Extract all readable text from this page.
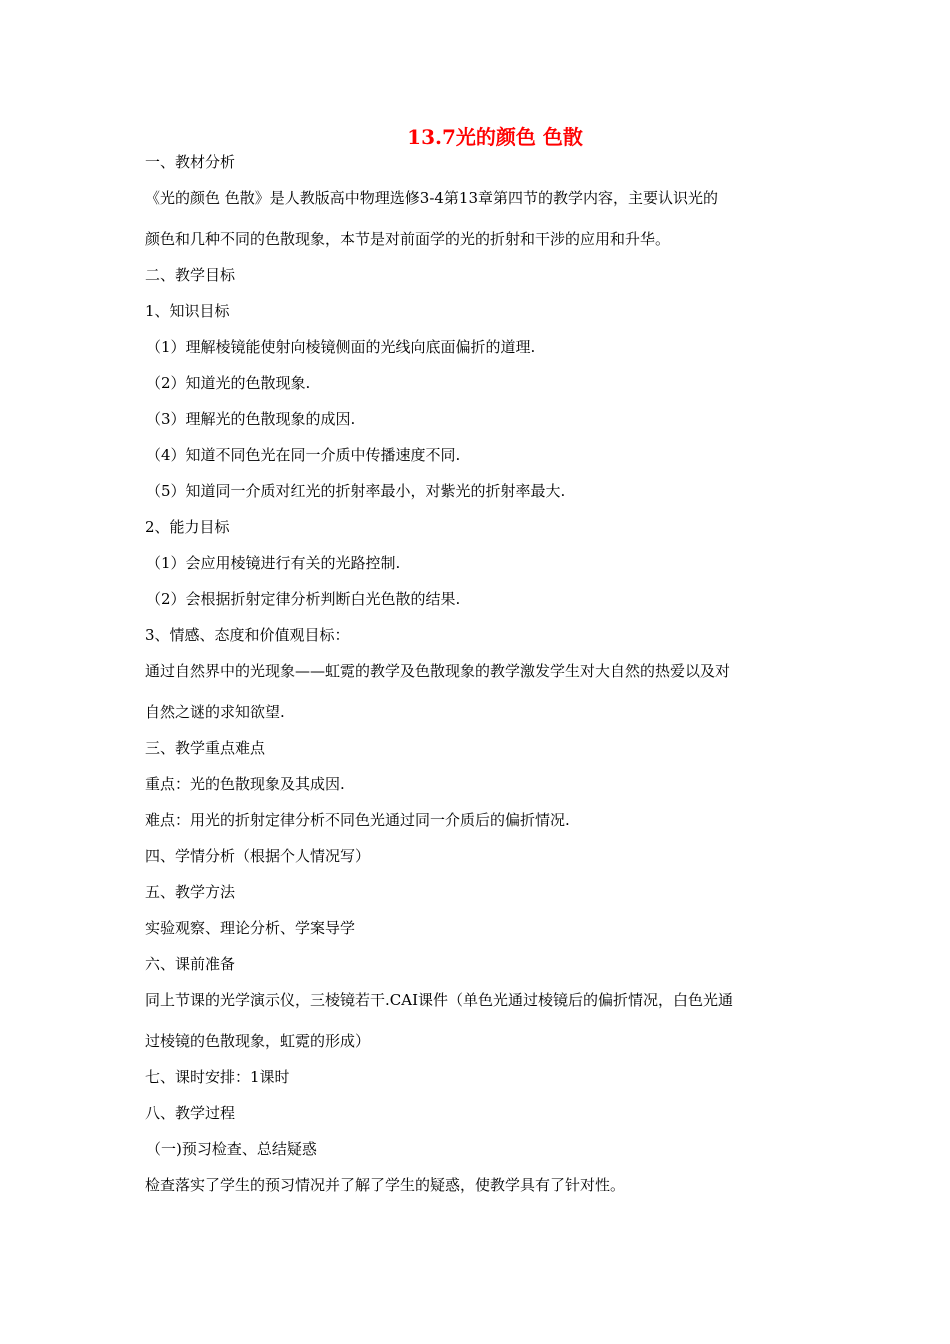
13.7光的颜色 色散
一、教材分析
《光的颜色 色散》是人教版高中物理选修3-4第13章第四节的教学内容，主要认识光的
颜色和几种不同的色散现象，本节是对前面学的光的折射和干涉的应用和升华。
二、教学目标
1、知识目标
（1）理解棱镜能使射向棱镜侧面的光线向底面偏折的道理.
（2）知道光的色散现象.
（3）理解光的色散现象的成因.
（4）知道不同色光在同一介质中传播速度不同.
（5）知道同一介质对红光的折射率最小，对紫光的折射率最大.
2、能力目标
（1）会应用棱镜进行有关的光路控制.
（2）会根据折射定律分析判断白光色散的结果.
3、情感、态度和价值观目标：
通过自然界中的光现象——虹霓的教学及色散现象的教学激发学生对大自然的热爱以及对
自然之谜的求知欲望.
三、教学重点难点
重点：光的色散现象及其成因.
难点：用光的折射定律分析不同色光通过同一介质后的偏折情况.
四、学情分析（根据个人情况写）
五、教学方法
实验观察、理论分析、学案导学
六、课前准备
同上节课的光学演示仪，三棱镜若干.CAI课件（单色光通过棱镜后的偏折情况，白色光通
过棱镜的色散现象，虹霓的形成）
七、课时安排：1课时
八、教学过程
（一)预习检查、总结疑惑
检查落实了学生的预习情况并了解了学生的疑惑，使教学具有了针对性。
